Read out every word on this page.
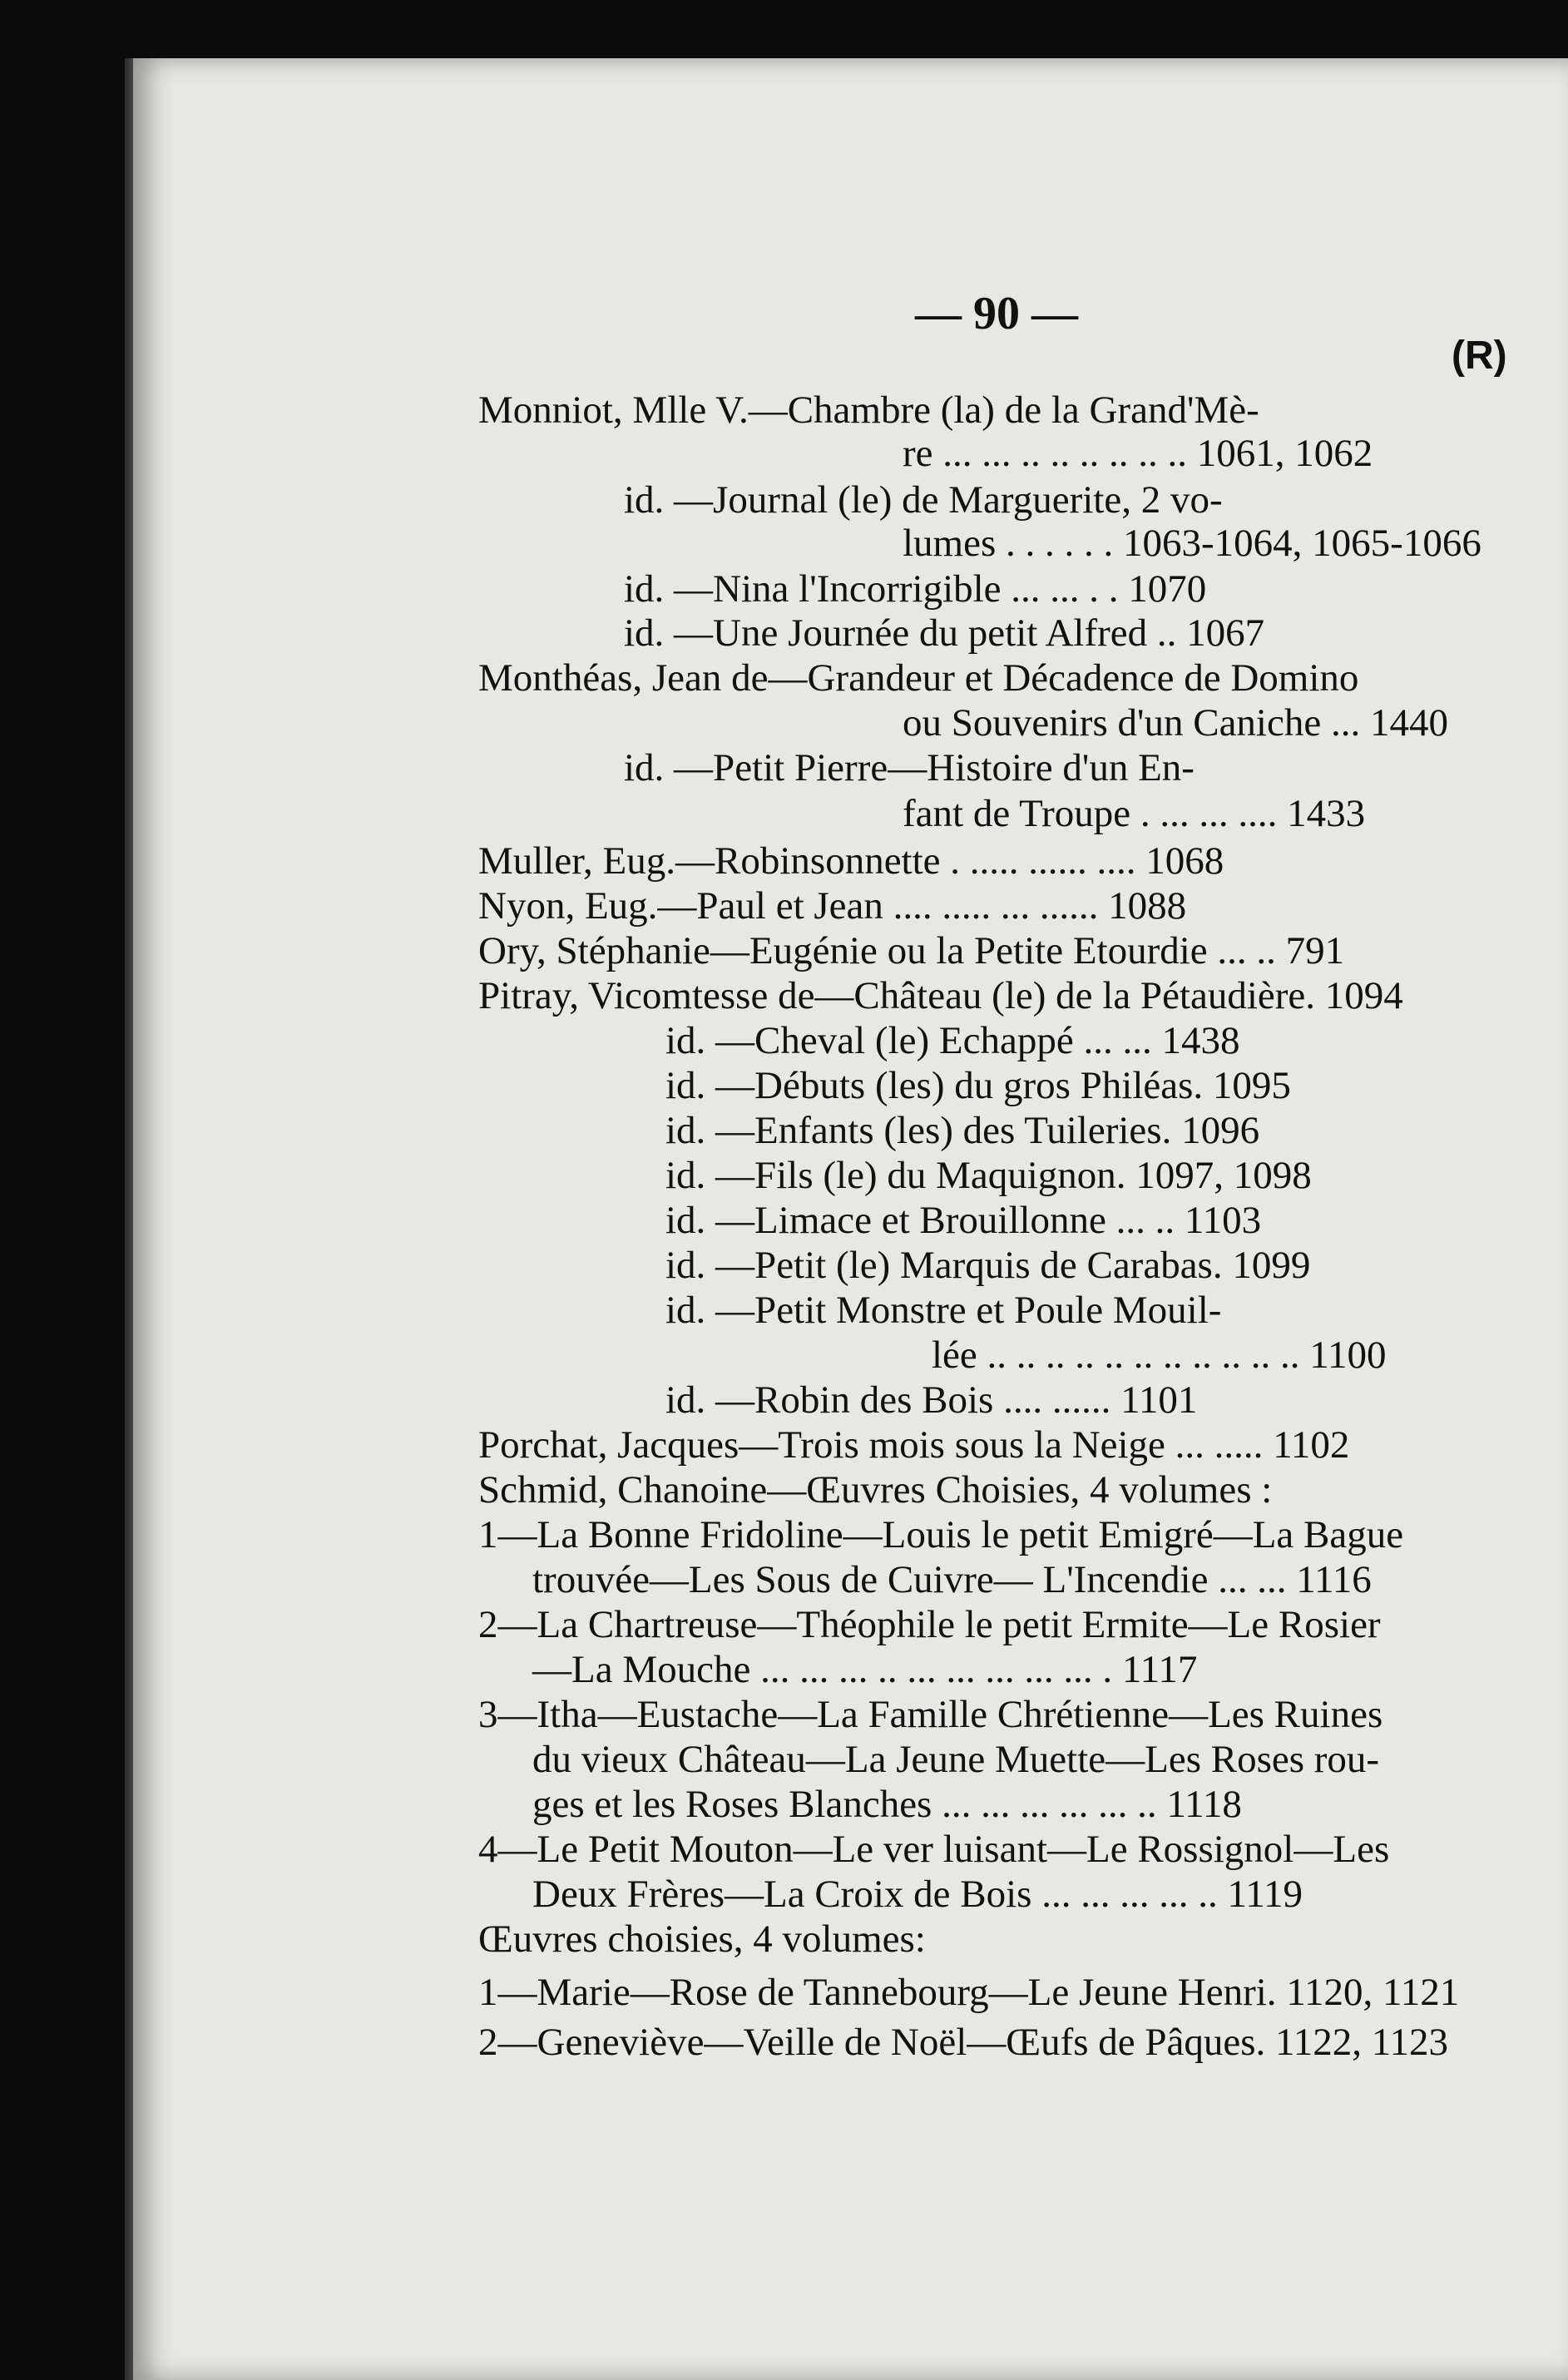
— 90 —
(R)
Monniot, Mlle V.—Chambre (la) de la Grand'Mè-
re ... ... .. .. .. .. .. .. 1061, 1062
id. —Journal (le) de Marguerite, 2 vo-
lumes . . . . . . 1063-1064, 1065-1066
id. —Nina l'Incorrigible ... ... . . 1070
id. —Une Journée du petit Alfred .. 1067
Monthéas, Jean de—Grandeur et Décadence de Domino
ou Souvenirs d'un Caniche ... 1440
id. —Petit Pierre—Histoire d'un En-
fant de Troupe . ... ... .... 1433
Muller, Eug.—Robinsonnette . ..... ...... .... 1068
Nyon, Eug.—Paul et Jean .... ..... ... ...... 1088
Ory, Stéphanie—Eugénie ou la Petite Etourdie ... .. 791
Pitray, Vicomtesse de—Château (le) de la Pétaudière. 1094
id. —Cheval (le) Echappé ... ... 1438
id. —Débuts (les) du gros Philéas. 1095
id. —Enfants (les) des Tuileries. 1096
id. —Fils (le) du Maquignon. 1097, 1098
id. —Limace et Brouillonne ... .. 1103
id. —Petit (le) Marquis de Carabas. 1099
id. —Petit Monstre et Poule Mouil-
lée .. .. .. .. .. .. .. .. .. .. .. 1100
id. —Robin des Bois .... ...... 1101
Porchat, Jacques—Trois mois sous la Neige ... ..... 1102
Schmid, Chanoine—Œuvres Choisies, 4 volumes :
1—La Bonne Fridoline—Louis le petit Emigré—La Bague
trouvée—Les Sous de Cuivre— L'Incendie ... ... 1116
2—La Chartreuse—Théophile le petit Ermite—Le Rosier
—La Mouche ... ... ... .. ... ... ... ... ... . 1117
3—Itha—Eustache—La Famille Chrétienne—Les Ruines
du vieux Château—La Jeune Muette—Les Roses rou-
ges et les Roses Blanches ... ... ... ... ... .. 1118
4—Le Petit Mouton—Le ver luisant—Le Rossignol—Les
Deux Frères—La Croix de Bois ... ... ... ... .. 1119
Œuvres choisies, 4 volumes:
1—Marie—Rose de Tannebourg—Le Jeune Henri. 1120, 1121
2—Geneviève—Veille de Noël—Œufs de Pâques. 1122, 1123
